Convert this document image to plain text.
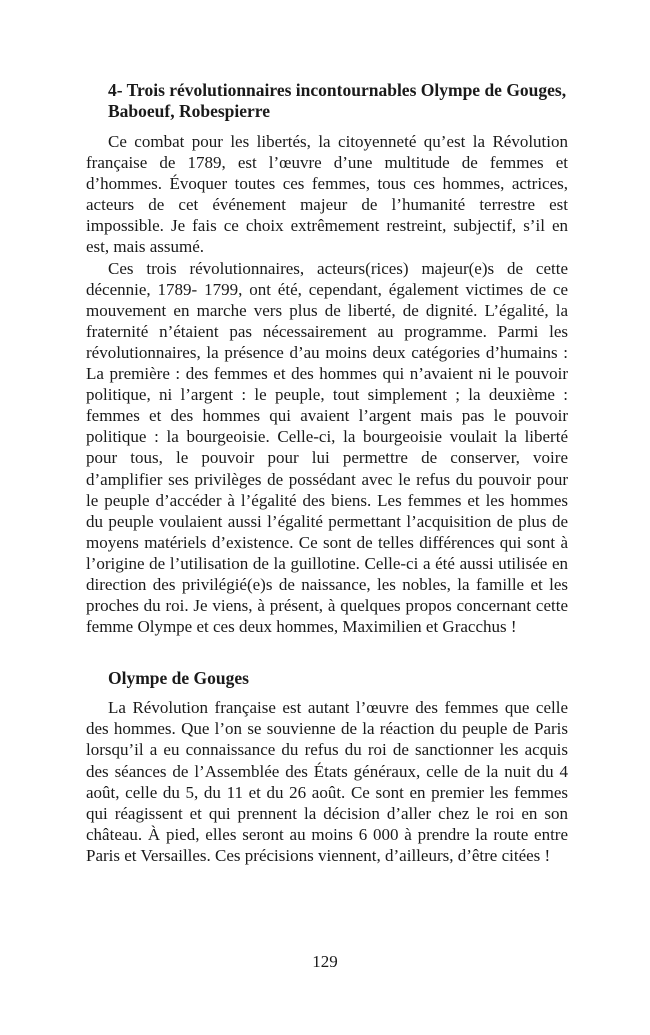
4- Trois révolutionnaires incontournables Olympe de Gouges, Baboeuf, Robespierre

Ce combat pour les libertés, la citoyenneté qu’est la Révolution française de 1789, est l’œuvre d’une multitude de femmes et d’hommes. Évoquer toutes ces femmes, tous ces hommes, actrices, acteurs de cet événement majeur de l’humanité terrestre est impossible. Je fais ce choix extrêmement restreint, subjectif, s’il en est, mais assumé.

Ces trois révolutionnaires, acteurs(rices) majeur(e)s de cette décennie, 1789- 1799, ont été, cependant, également victimes de ce mouvement en marche vers plus de liberté, de dignité. L’égalité, la fraternité n’étaient pas nécessairement au programme. Parmi les révolutionnaires, la présence d’au moins deux catégories d’humains : La première : des femmes et des hommes qui n’avaient ni le pouvoir politique, ni l’argent : le peuple, tout simplement ; la deuxième : femmes et des hommes qui avaient l’argent mais pas le pouvoir politique : la bourgeoisie. Celle-ci, la bourgeoisie voulait la liberté pour tous, le pouvoir pour lui permettre de conserver, voire d’amplifier ses privilèges de possédant avec le refus du pouvoir pour le peuple d’accéder à l’égalité des biens. Les femmes et les hommes du peuple voulaient aussi l’égalité permettant l’acquisition de plus de moyens matériels d’existence. Ce sont de telles différences qui sont à l’origine de l’utilisation de la guillotine. Celle-ci a été aussi utilisée en direction des privilégié(e)s de naissance, les nobles, la famille et les proches du roi. Je viens, à présent, à quelques propos concernant cette femme Olympe et ces deux hommes, Maximilien et Gracchus !

Olympe de Gouges

La Révolution française est autant l’œuvre des femmes que celle des hommes. Que l’on se souvienne de la réaction du peuple de Paris lorsqu’il a eu connaissance du refus du roi de sanctionner les acquis des séances de l’Assemblée des États généraux, celle de la nuit du 4 août, celle du 5, du 11 et du 26 août. Ce sont en premier les femmes qui réagissent et qui prennent la décision d’aller chez le roi en son château. À pied, elles seront au moins 6 000 à prendre la route entre Paris et Versailles. Ces précisions viennent, d’ailleurs, d’être citées !

129
